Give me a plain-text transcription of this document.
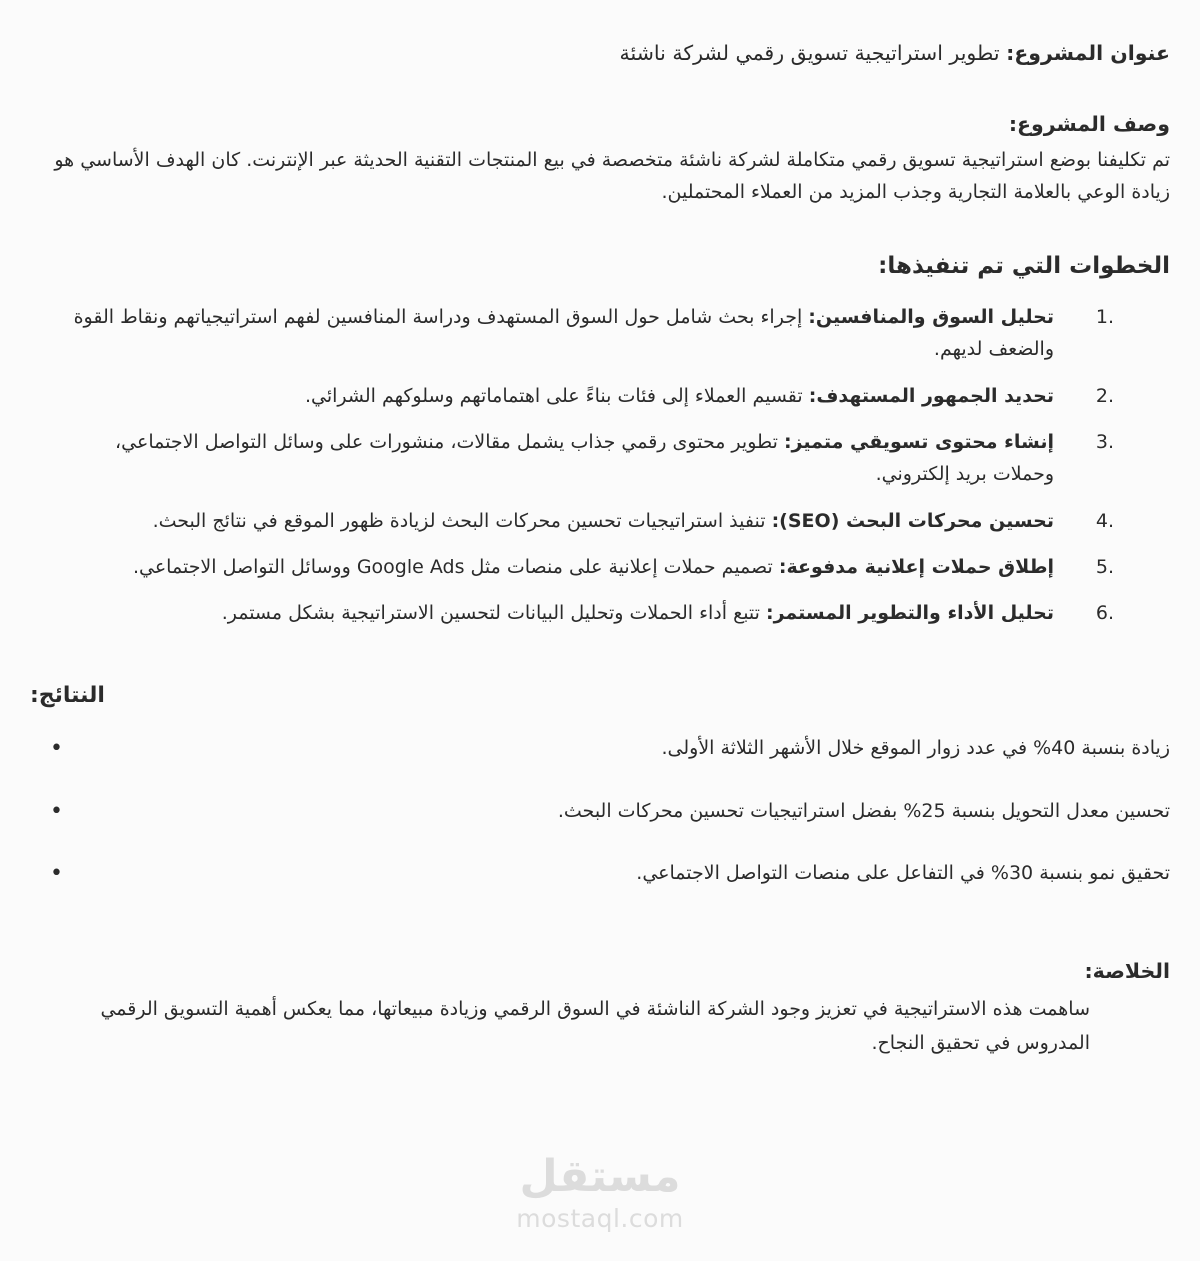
عنوان المشروع: تطوير استراتيجية تسويق رقمي لشركة ناشئة
وصف المشروع:

تم تكليفنا بوضع استراتيجية تسويق رقمي متكاملة لشركة ناشئة متخصصة في بيع المنتجات التقنية الحديثة عبر الإنترنت. كان الهدف الأساسي هو زيادة الوعي بالعلامة التجارية وجذب المزيد من العملاء المحتملين.

الخطوات التي تم تنفيذها:
تحليل السوق والمنافسين: إجراء بحث شامل حول السوق المستهدف ودراسة المنافسين لفهم استراتيجياتهم ونقاط القوة والضعف لديهم.
تحديد الجمهور المستهدف: تقسيم العملاء إلى فئات بناءً على اهتماماتهم وسلوكهم الشرائي.
إنشاء محتوى تسويقي متميز: تطوير محتوى رقمي جذاب يشمل مقالات، منشورات على وسائل التواصل الاجتماعي، وحملات بريد إلكتروني.
تحسين محركات البحث (SEO): تنفيذ استراتيجيات تحسين محركات البحث لزيادة ظهور الموقع في نتائج البحث.
إطلاق حملات إعلانية مدفوعة: تصميم حملات إعلانية على منصات مثل Google Ads ووسائل التواصل الاجتماعي.
تحليل الأداء والتطوير المستمر: تتبع أداء الحملات وتحليل البيانات لتحسين الاستراتيجية بشكل مستمر.
النتائج:
زيادة بنسبة 40% في عدد زوار الموقع خلال الأشهر الثلاثة الأولى. •
تحسين معدل التحويل بنسبة 25% بفضل استراتيجيات تحسين محركات البحث. •
تحقيق نمو بنسبة 30% في التفاعل على منصات التواصل الاجتماعي. •
الخلاصة:

ساهمت هذه الاستراتيجية في تعزيز وجود الشركة الناشئة في السوق الرقمي وزيادة مبيعاتها، مما يعكس أهمية التسويق الرقمي المدروس في تحقيق النجاح.

مستقل
mostaql.com
